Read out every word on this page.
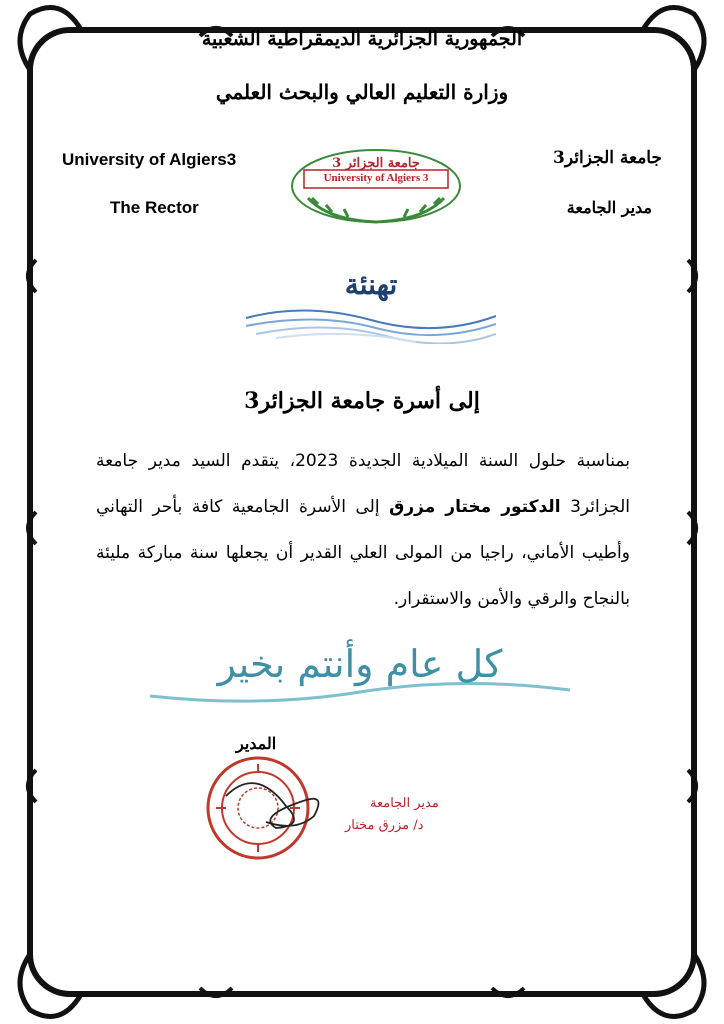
الجمهورية الجزائرية الديمقراطية الشعبية
وزارة التعليم العالي والبحث العلمي
University of Algiers3
The Rector
جامعة الجزائر3
مدير الجامعة
جامعة الجزائر 3
University of Algiers 3
تهنئة
إلى أسرة جامعة الجزائر3
بمناسبة حلول السنة الميلادية الجديدة 2023، يتقدم السيد مدير جامعة الجزائر3 الدكتور مختار مزرق إلى الأسرة الجامعية كافة بأحر التهاني وأطيب الأماني، راجيا من المولى العلي القدير أن يجعلها سنة مباركة مليئة بالنجاح والرقي والأمن والاستقرار.
كل عام وأنتم بخير
المدير
مدير الجامعة
د/ مزرق مختار
